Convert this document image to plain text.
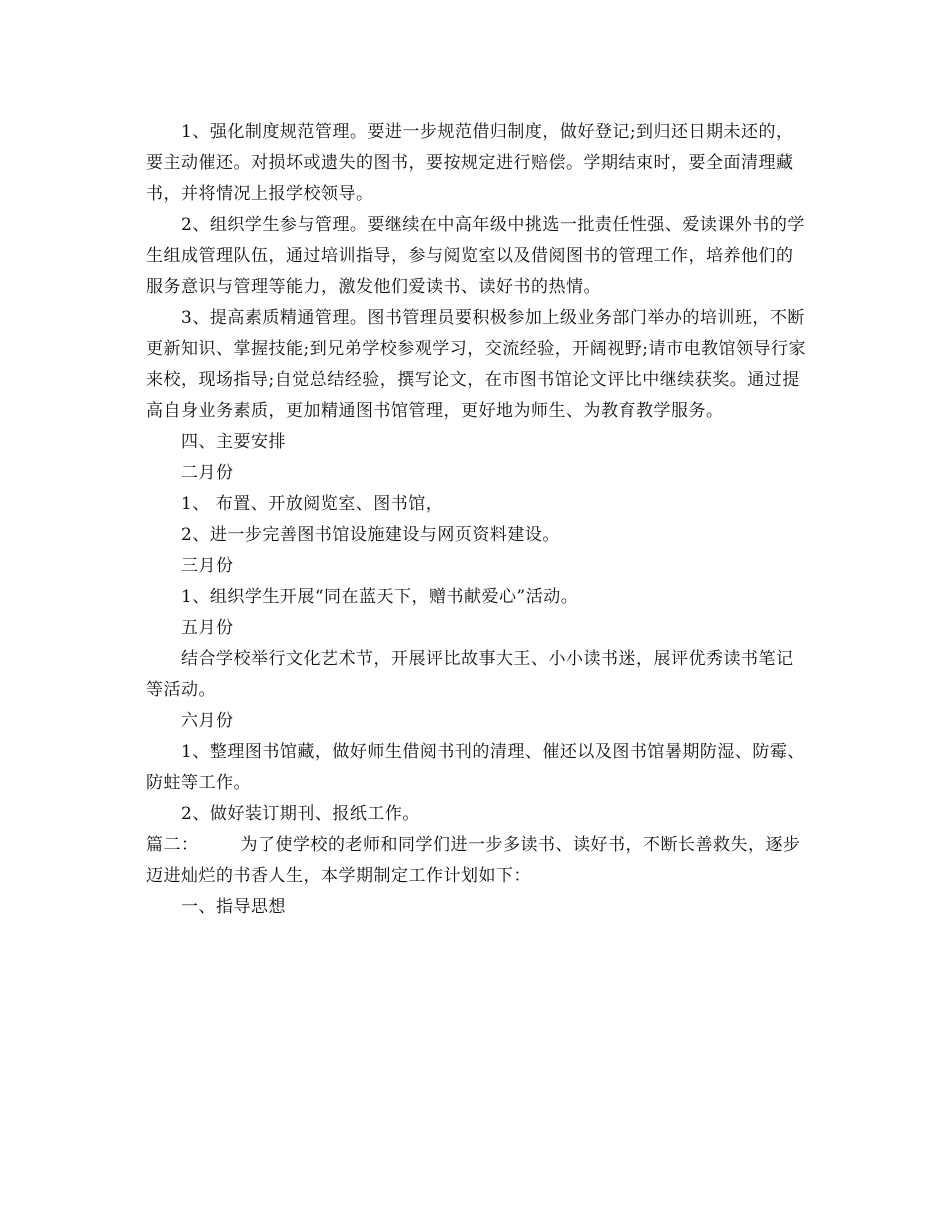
1、强化制度规范管理。要进一步规范借归制度，做好登记;到归还日期未还的，要主动催还。对损坏或遗失的图书，要按规定进行赔偿。学期结束时，要全面清理藏书，并将情况上报学校领导。

2、组织学生参与管理。要继续在中高年级中挑选一批责任性强、爱读课外书的学生组成管理队伍，通过培训指导，参与阅览室以及借阅图书的管理工作，培养他们的服务意识与管理等能力，激发他们爱读书、读好书的热情。

3、提高素质精通管理。图书管理员要积极参加上级业务部门举办的培训班，不断更新知识、掌握技能;到兄弟学校参观学习，交流经验，开阔视野;请市电教馆领导行家来校，现场指导;自觉总结经验，撰写论文，在市图书馆论文评比中继续获奖。通过提高自身业务素质，更加精通图书馆管理，更好地为师生、为教育教学服务。

四、主要安排

二月份

1、 布置、开放阅览室、图书馆，

2、进一步完善图书馆设施建设与网页资料建设。

三月份

1、组织学生开展“同在蓝天下，赠书献爱心”活动。

五月份

结合学校举行文化艺术节，开展评比故事大王、小小读书迷，展评优秀读书笔记等活动。

六月份

1、整理图书馆藏，做好师生借阅书刊的清理、催还以及图书馆暑期防湿、防霉、防蛀等工作。

2、做好装订期刊、报纸工作。

篇二： 为了使学校的老师和同学们进一步多读书、读好书，不断长善救失，逐步迈进灿烂的书香人生，本学期制定工作计划如下：

一、指导思想
